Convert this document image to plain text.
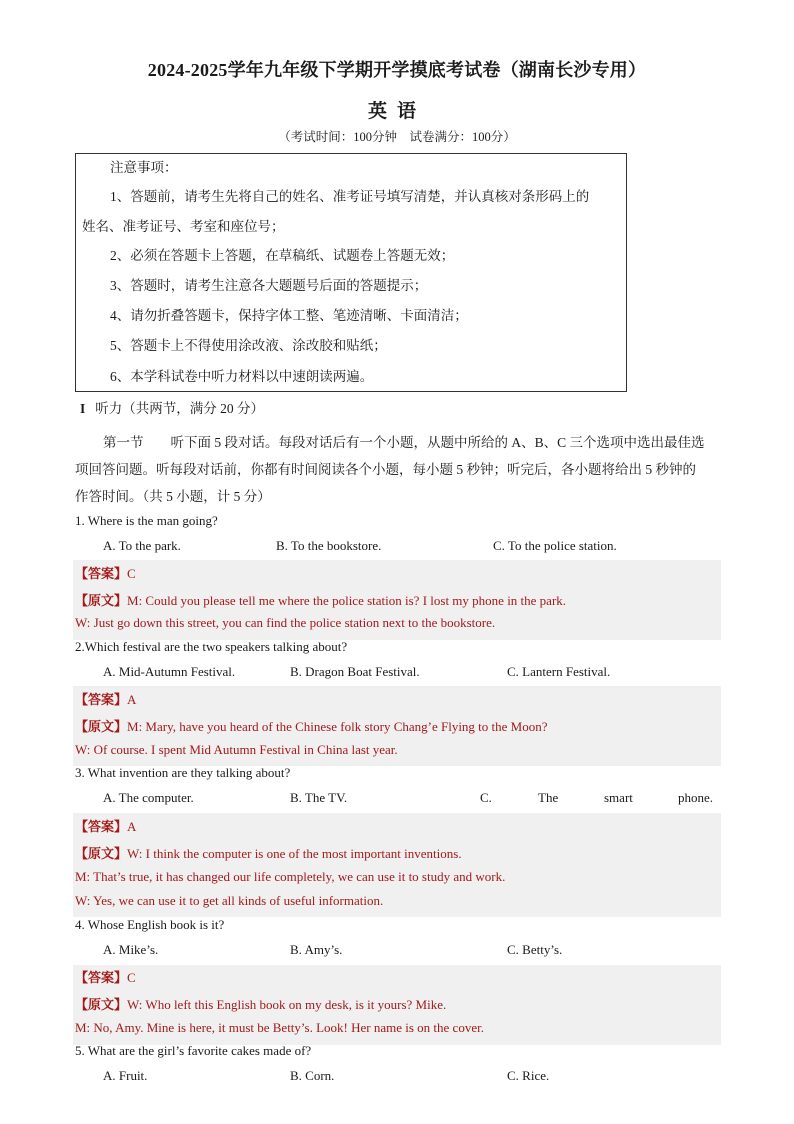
2024-2025学年九年级下学期开学摸底考试卷（湖南长沙专用）
英语
（考试时间：100分钟　试卷满分：100分）
注意事项：
1、答题前，请考生先将自己的姓名、准考证号填写清楚，并认真核对条形码上的
姓名、准考证号、考室和座位号；
2、必须在答题卡上答题，在草稿纸、试题卷上答题无效；
3、答题时，请考生注意各大题题号后面的答题提示；
4、请勿折叠答题卡，保持字体工整、笔迹清晰、卡面清洁；
5、答题卡上不得使用涂改液、涂改胶和贴纸；
6、本学科试卷中听力材料以中速朗读两遍。
I 听力（共两节，满分 20 分）
第一节　　听下面 5 段对话。每段对话后有一个小题，从题中所给的 A、B、C 三个选项中选出最佳选
项回答问题。听每段对话前，你都有时间阅读各个小题，每小题 5 秒钟；听完后，各小题将给出 5 秒钟的
作答时间。（共 5 小题，计 5 分）
1. Where is the man going?
A. To the park.	B. To the bookstore.	C. To the police station.
【答案】C
【原文】M: Could you please tell me where the police station is? I lost my phone in the park.
W: Just go down this street, you can find the police station next to the bookstore.
2.Which festival are the two speakers talking about?
A. Mid-Autumn Festival.	B. Dragon Boat Festival.	C. Lantern Festival.
【答案】A
【原文】M: Mary, have you heard of the Chinese folk story Chang’e Flying to the Moon?
W: Of course. I spent Mid Autumn Festival in China last year.
3. What invention are they talking about?
A. The computer.	B. The TV.	C.	The	smart	phone.
【答案】A
【原文】W: I think the computer is one of the most important inventions.
M: That’s true, it has changed our life completely, we can use it to study and work.
W: Yes, we can use it to get all kinds of useful information.
4. Whose English book is it?
A. Mike’s.	B. Amy’s.	C. Betty’s.
【答案】C
【原文】W: Who left this English book on my desk, is it yours? Mike.
M: No, Amy. Mine is here, it must be Betty’s. Look! Her name is on the cover.
5. What are the girl’s favorite cakes made of?
A. Fruit.	B. Corn.	C. Rice.
